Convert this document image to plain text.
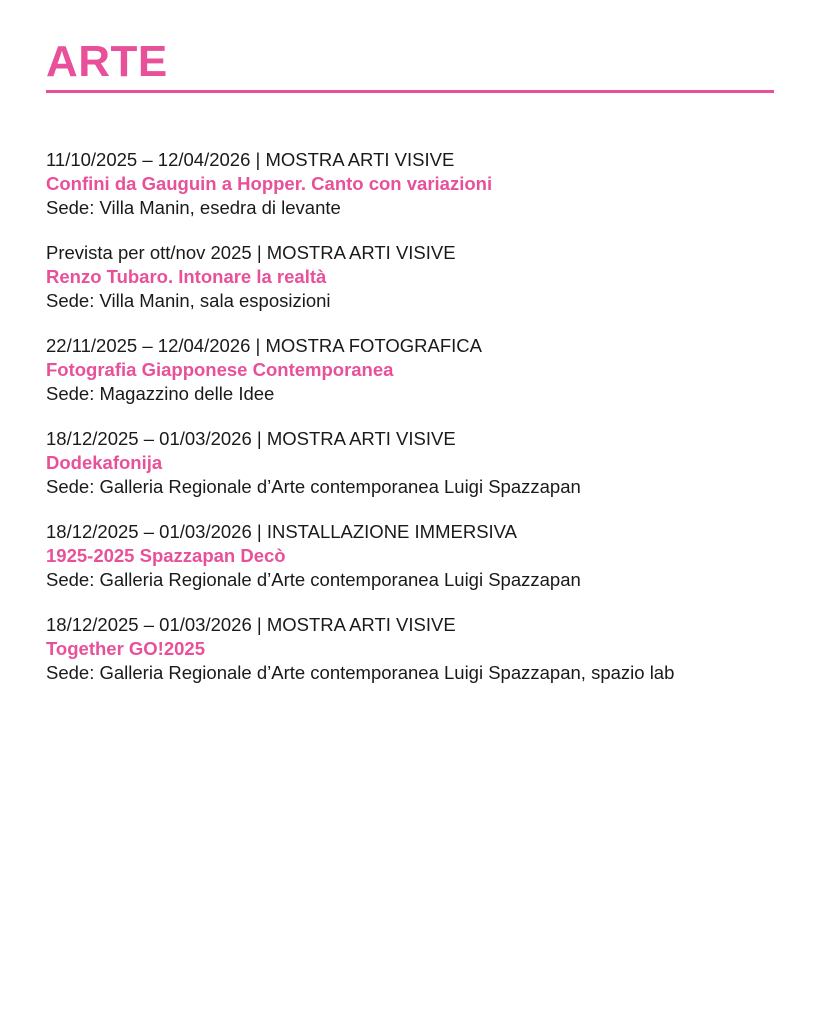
ARTE
11/10/2025 – 12/04/2026 | MOSTRA ARTI VISIVE
Confini da Gauguin a Hopper. Canto con variazioni
Sede: Villa Manin, esedra di levante
Prevista per ott/nov 2025 | MOSTRA ARTI VISIVE
Renzo Tubaro. Intonare la realtà
Sede: Villa Manin, sala esposizioni
22/11/2025 – 12/04/2026 | MOSTRA FOTOGRAFICA
Fotografia Giapponese Contemporanea
Sede: Magazzino delle Idee
18/12/2025 – 01/03/2026 | MOSTRA ARTI VISIVE
Dodekafonija
Sede: Galleria Regionale d’Arte contemporanea Luigi Spazzapan
18/12/2025 – 01/03/2026 | INSTALLAZIONE IMMERSIVA
1925-2025 Spazzapan Decò
Sede: Galleria Regionale d’Arte contemporanea Luigi Spazzapan
18/12/2025 – 01/03/2026 | MOSTRA ARTI VISIVE
Together GO!2025
Sede: Galleria Regionale d’Arte contemporanea Luigi Spazzapan, spazio lab
